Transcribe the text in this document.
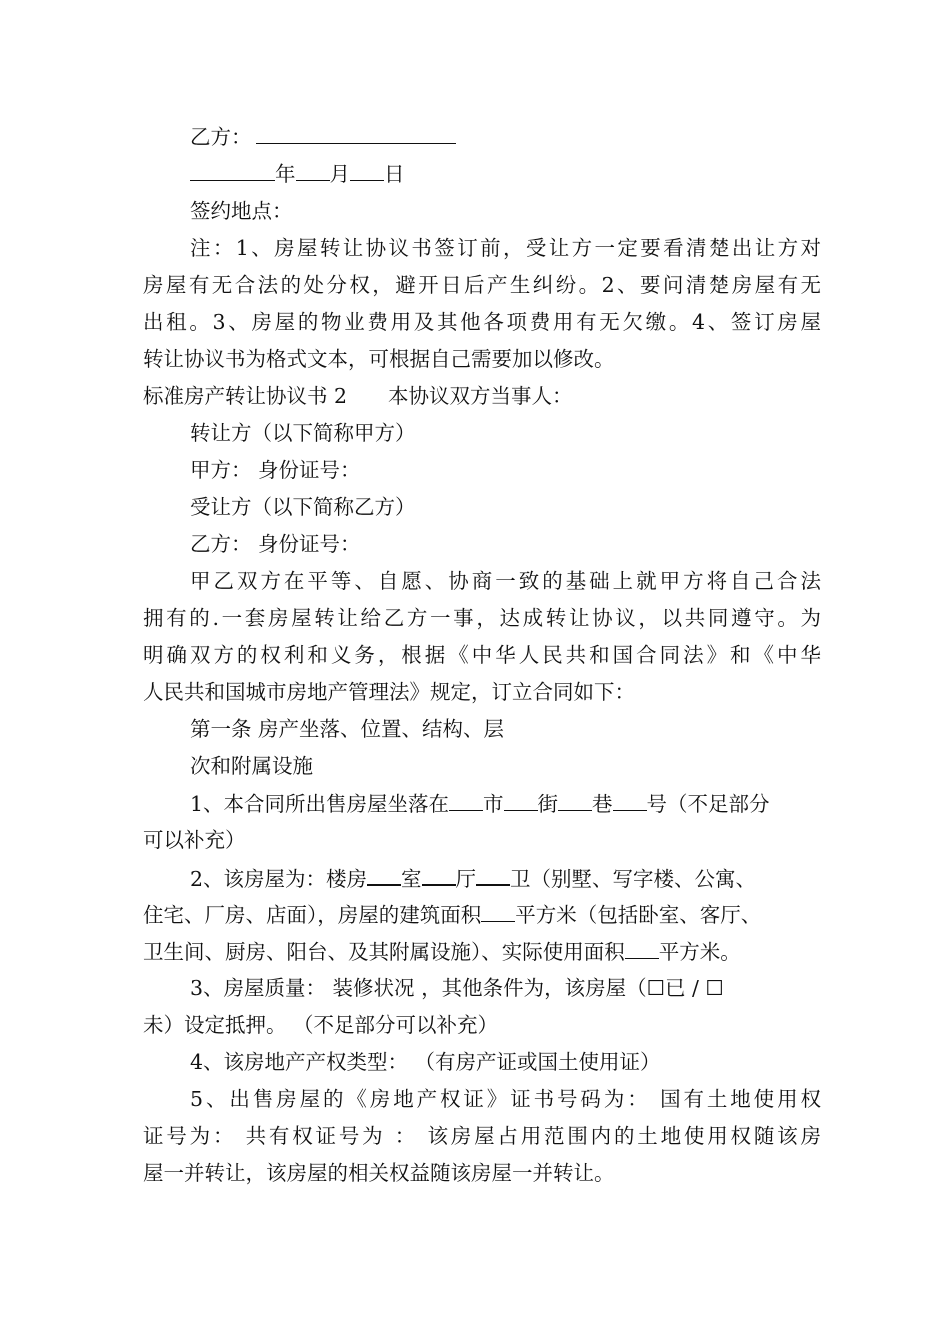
乙方：
年 月 日
签约地点：
注：1、房屋转让协议书签订前，受让方一定要看清楚出让方对
房屋有无合法的处分权，避开日后产生纠纷。2、要问清楚房屋有无
出租。3、房屋的物业费用及其他各项费用有无欠缴。4、签订房屋
转让协议书为格式文本，可根据自己需要加以修改。
标准房产转让协议书 2　　本协议双方当事人：
转让方（以下简称甲方）
甲方： 身份证号：
受让方（以下简称乙方）
乙方： 身份证号：
甲乙双方在平等、自愿、协商一致的基础上就甲方将自己合法
拥有的.一套房屋转让给乙方一事，达成转让协议，以共同遵守。为
明确双方的权利和义务，根据《中华人民共和国合同法》和《中华
人民共和国城市房地产管理法》规定，订立合同如下：
第一条 房产坐落、位置、结构、层
次和附属设施
1、本合同所出售房屋坐落在 市 街 巷 号（不足部分
可以补充）
2、该房屋为：楼房 室 厅 卫（别墅、写字楼、公寓、
住宅、厂房、店面），房屋的建筑面积 平方米（包括卧室、客厅、
卫生间、厨房、阳台、及其附属设施）、实际使用面积 平方米。
3、房屋质量： 装修状况 ，其他条件为，该房屋（☐已 / ☐
未）设定抵押。 （不足部分可以补充）
4、该房地产产权类型： （有房产证或国土使用证）
5、出售房屋的《房地产权证》证书号码为： 国有土地使用权
证号为： 共有权证号为 ： 该房屋占用范围内的土地使用权随该房
屋一并转让，该房屋的相关权益随该房屋一并转让。
